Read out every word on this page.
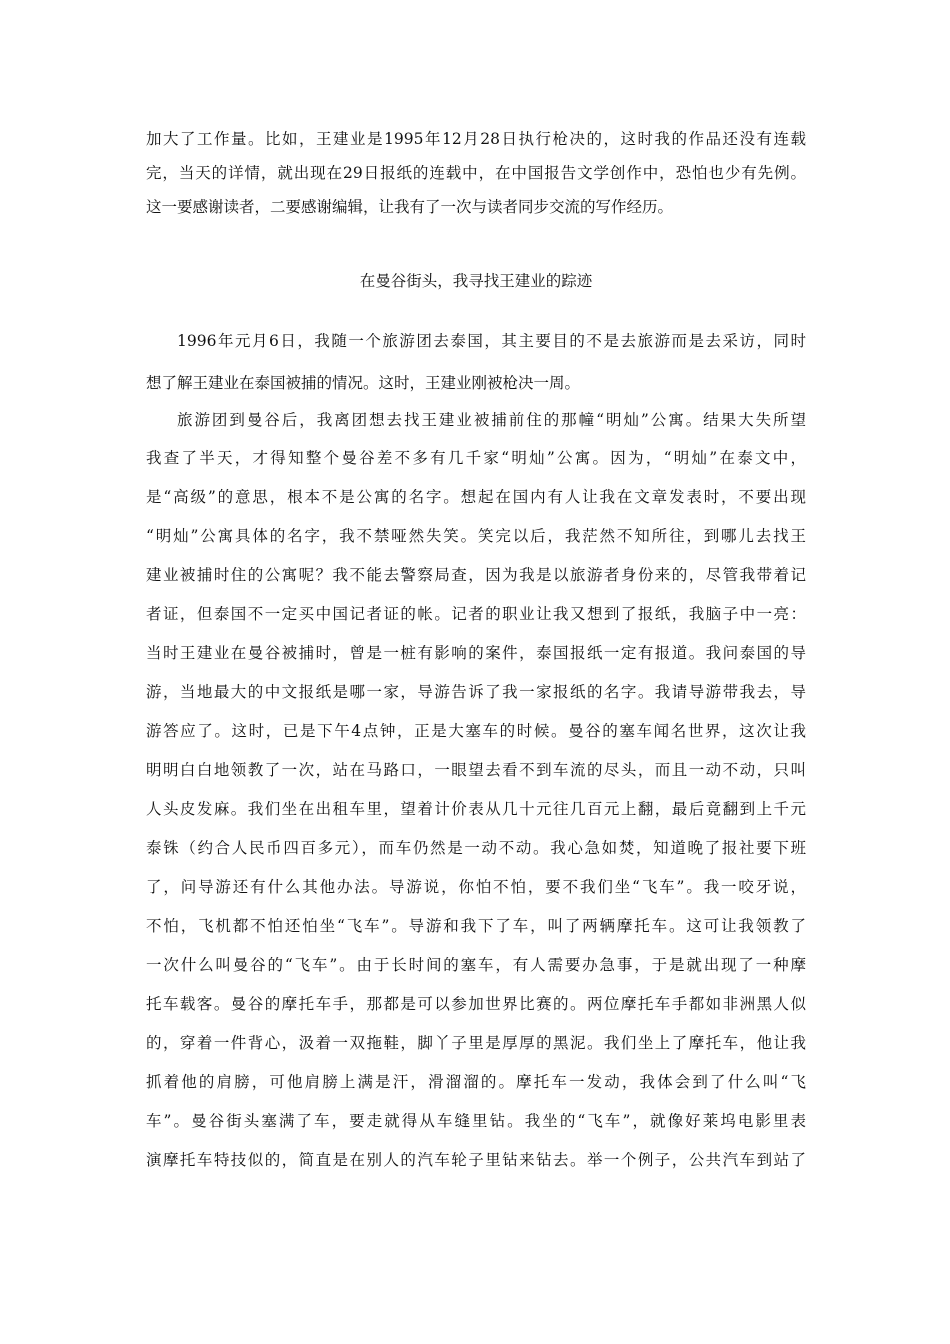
加大了工作量。比如，王建业是1995年12月28日执行枪决的，这时我的作品还没有连载
完，当天的详情，就出现在29日报纸的连载中，在中国报告文学创作中，恐怕也少有先例。
这一要感谢读者，二要感谢编辑，让我有了一次与读者同步交流的写作经历。
在曼谷街头，我寻找王建业的踪迹
1996年元月6日，我随一个旅游团去泰国，其主要目的不是去旅游而是去采访，同时
想了解王建业在泰国被捕的情况。这时，王建业刚被枪决一周。
旅游团到曼谷后，我离团想去找王建业被捕前住的那幢“明灿”公寓。结果大失所望
我查了半天，才得知整个曼谷差不多有几千家“明灿”公寓。因为，“明灿”在泰文中，
是“高级”的意思，根本不是公寓的名字。想起在国内有人让我在文章发表时，不要出现
“明灿”公寓具体的名字，我不禁哑然失笑。笑完以后，我茫然不知所往，到哪儿去找王
建业被捕时住的公寓呢？我不能去警察局查，因为我是以旅游者身份来的，尽管我带着记
者证，但泰国不一定买中国记者证的帐。记者的职业让我又想到了报纸，我脑子中一亮：
当时王建业在曼谷被捕时，曾是一桩有影响的案件，泰国报纸一定有报道。我问泰国的导
游，当地最大的中文报纸是哪一家，导游告诉了我一家报纸的名字。我请导游带我去，导
游答应了。这时，已是下午4点钟，正是大塞车的时候。曼谷的塞车闻名世界，这次让我
明明白白地领教了一次，站在马路口，一眼望去看不到车流的尽头，而且一动不动，只叫
人头皮发麻。我们坐在出租车里，望着计价表从几十元往几百元上翻，最后竟翻到上千元
泰铢（约合人民币四百多元），而车仍然是一动不动。我心急如焚，知道晚了报社要下班
了，问导游还有什么其他办法。导游说，你怕不怕，要不我们坐“飞车”。我一咬牙说，
不怕，飞机都不怕还怕坐“飞车”。导游和我下了车，叫了两辆摩托车。这可让我领教了
一次什么叫曼谷的“飞车”。由于长时间的塞车，有人需要办急事，于是就出现了一种摩
托车载客。曼谷的摩托车手，那都是可以参加世界比赛的。两位摩托车手都如非洲黑人似
的，穿着一件背心，汲着一双拖鞋，脚丫子里是厚厚的黑泥。我们坐上了摩托车，他让我
抓着他的肩膀，可他肩膀上满是汗，滑溜溜的。摩托车一发动，我体会到了什么叫“飞
车”。曼谷街头塞满了车，要走就得从车缝里钻。我坐的“飞车”，就像好莱坞电影里表
演摩托车特技似的，简直是在别人的汽车轮子里钻来钻去。举一个例子，公共汽车到站了
